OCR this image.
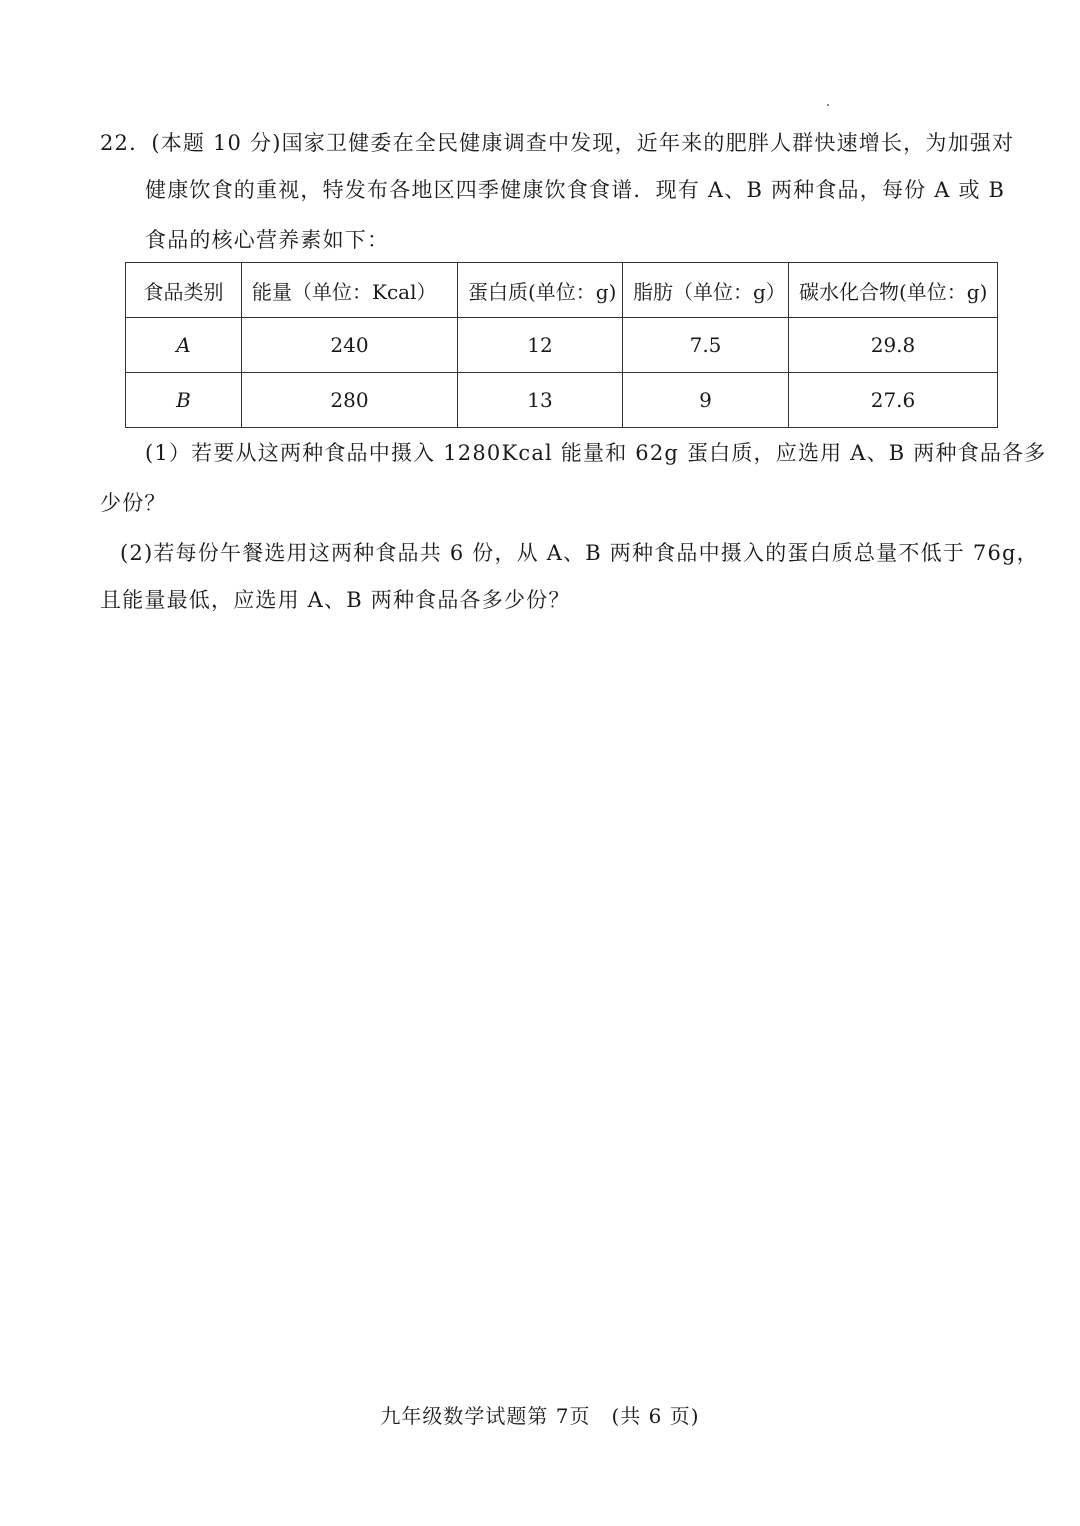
22．(本题 10 分)国家卫健委在全民健康调查中发现，近年来的肥胖人群快速增长，为加强对
健康饮食的重视，特发布各地区四季健康饮食食谱．现有 A、B 两种食品，每份 A 或 B
食品的核心营养素如下：
食品类别	能量（单位：Kcal）	蛋白质(单位：g)	脂肪（单位：g）	碳水化合物(单位：g)
A	240	12	7.5	29.8
B	280	13	9	27.6
(1）若要从这两种食品中摄入 1280Kcal 能量和 62g 蛋白质，应选用 A、B 两种食品各多
少份？
(2)若每份午餐选用这两种食品共 6 份，从 A、B 两种食品中摄入的蛋白质总量不低于 76g，
且能量最低，应选用 A、B 两种食品各多少份？
九年级数学试题第 7页　(共 6 页)
